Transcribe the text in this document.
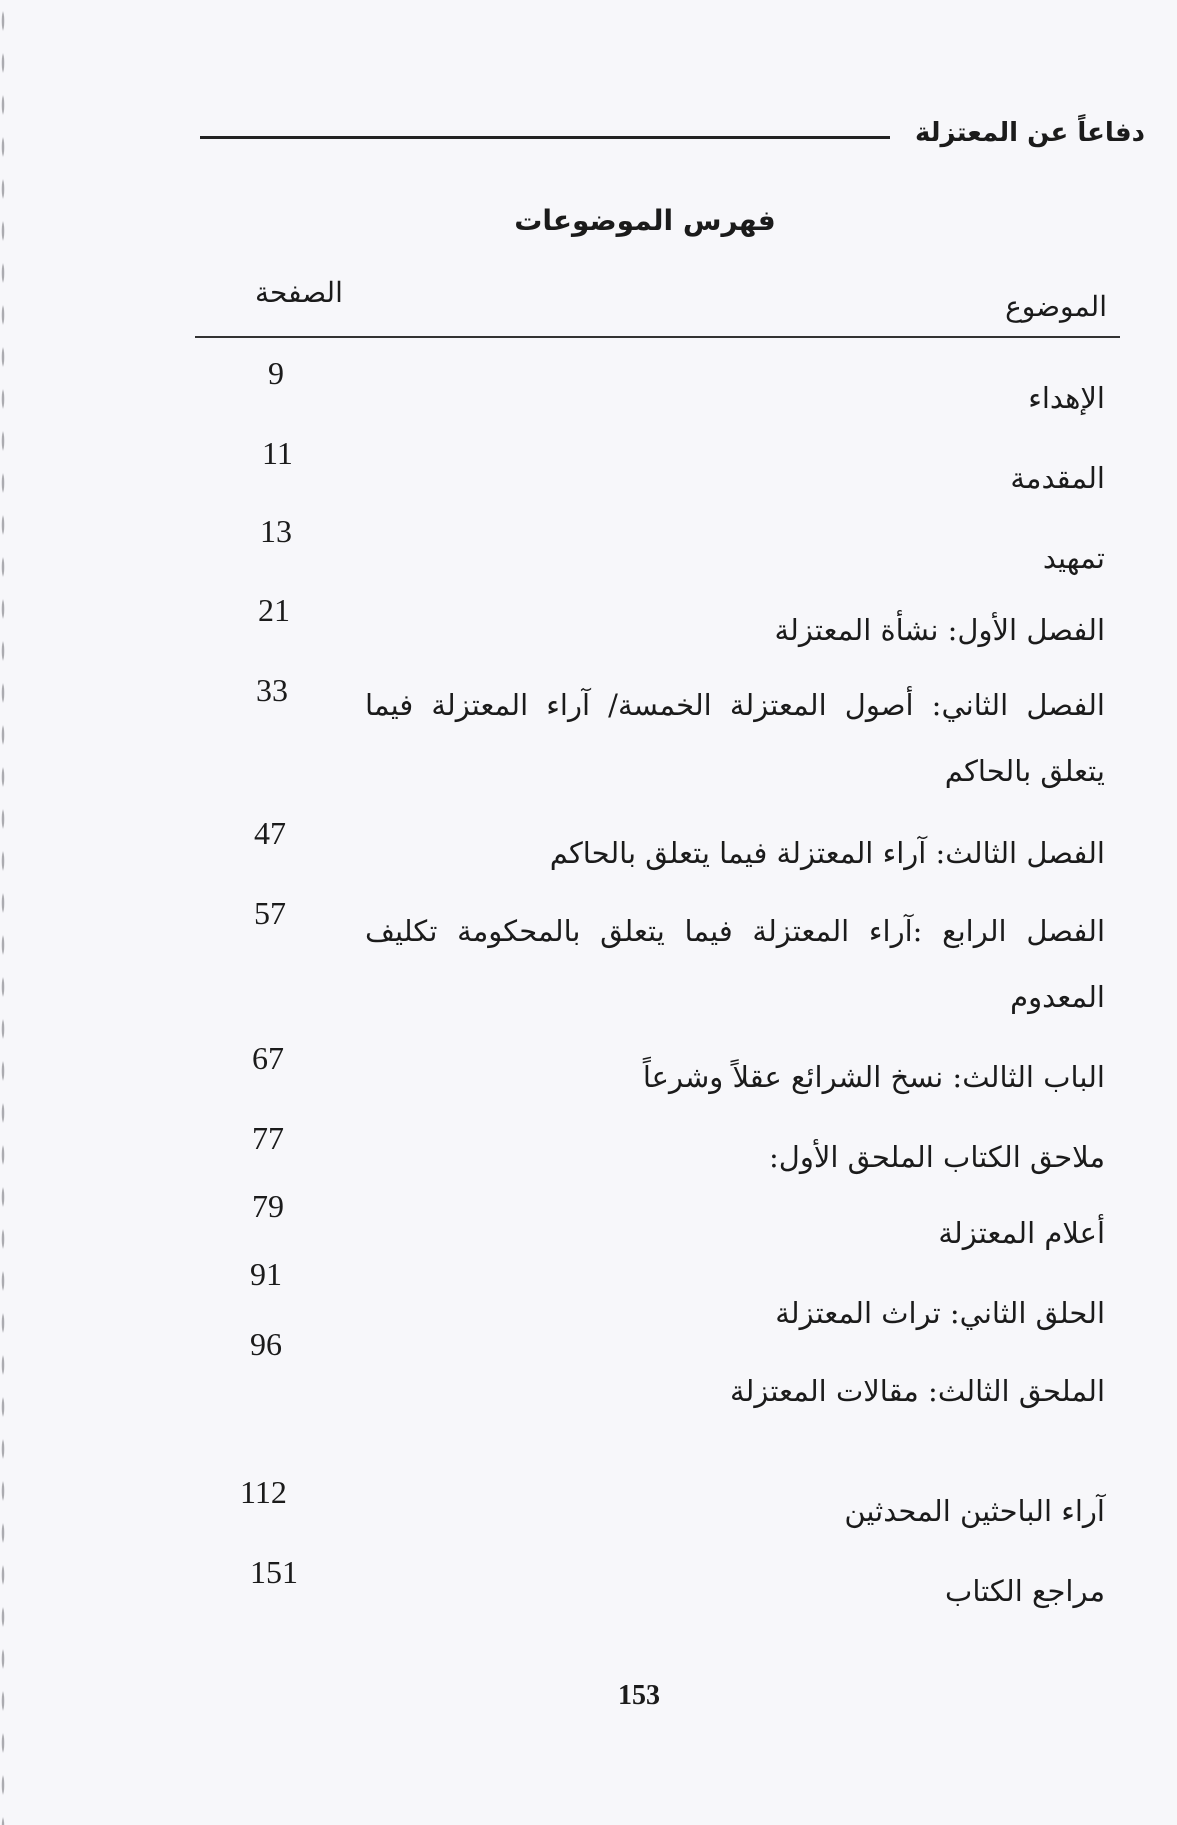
دفاعاً عن المعتزلة
فهرس الموضوعات
الموضوع
الصفحة
الإهداء
9
المقدمة
11
تمهيد
13
الفصل الأول: نشأة المعتزلة
21
الفصل الثاني: أصول المعتزلة الخمسة/ آراء المعتزلة فيما يتعلق بالحاكم
33
الفصل الثالث: آراء المعتزلة فيما يتعلق بالحاكم
47
الفصل الرابع :آراء المعتزلة فيما يتعلق بالمحكومة تكليف المعدوم
57
الباب الثالث: نسخ الشرائع عقلاً وشرعاً
67
ملاحق الكتاب الملحق الأول:
77
أعلام المعتزلة
79
الحلق الثاني: تراث المعتزلة
91
الملحق الثالث: مقالات المعتزلة
96
آراء الباحثين المحدثين
112
مراجع الكتاب
151
153
